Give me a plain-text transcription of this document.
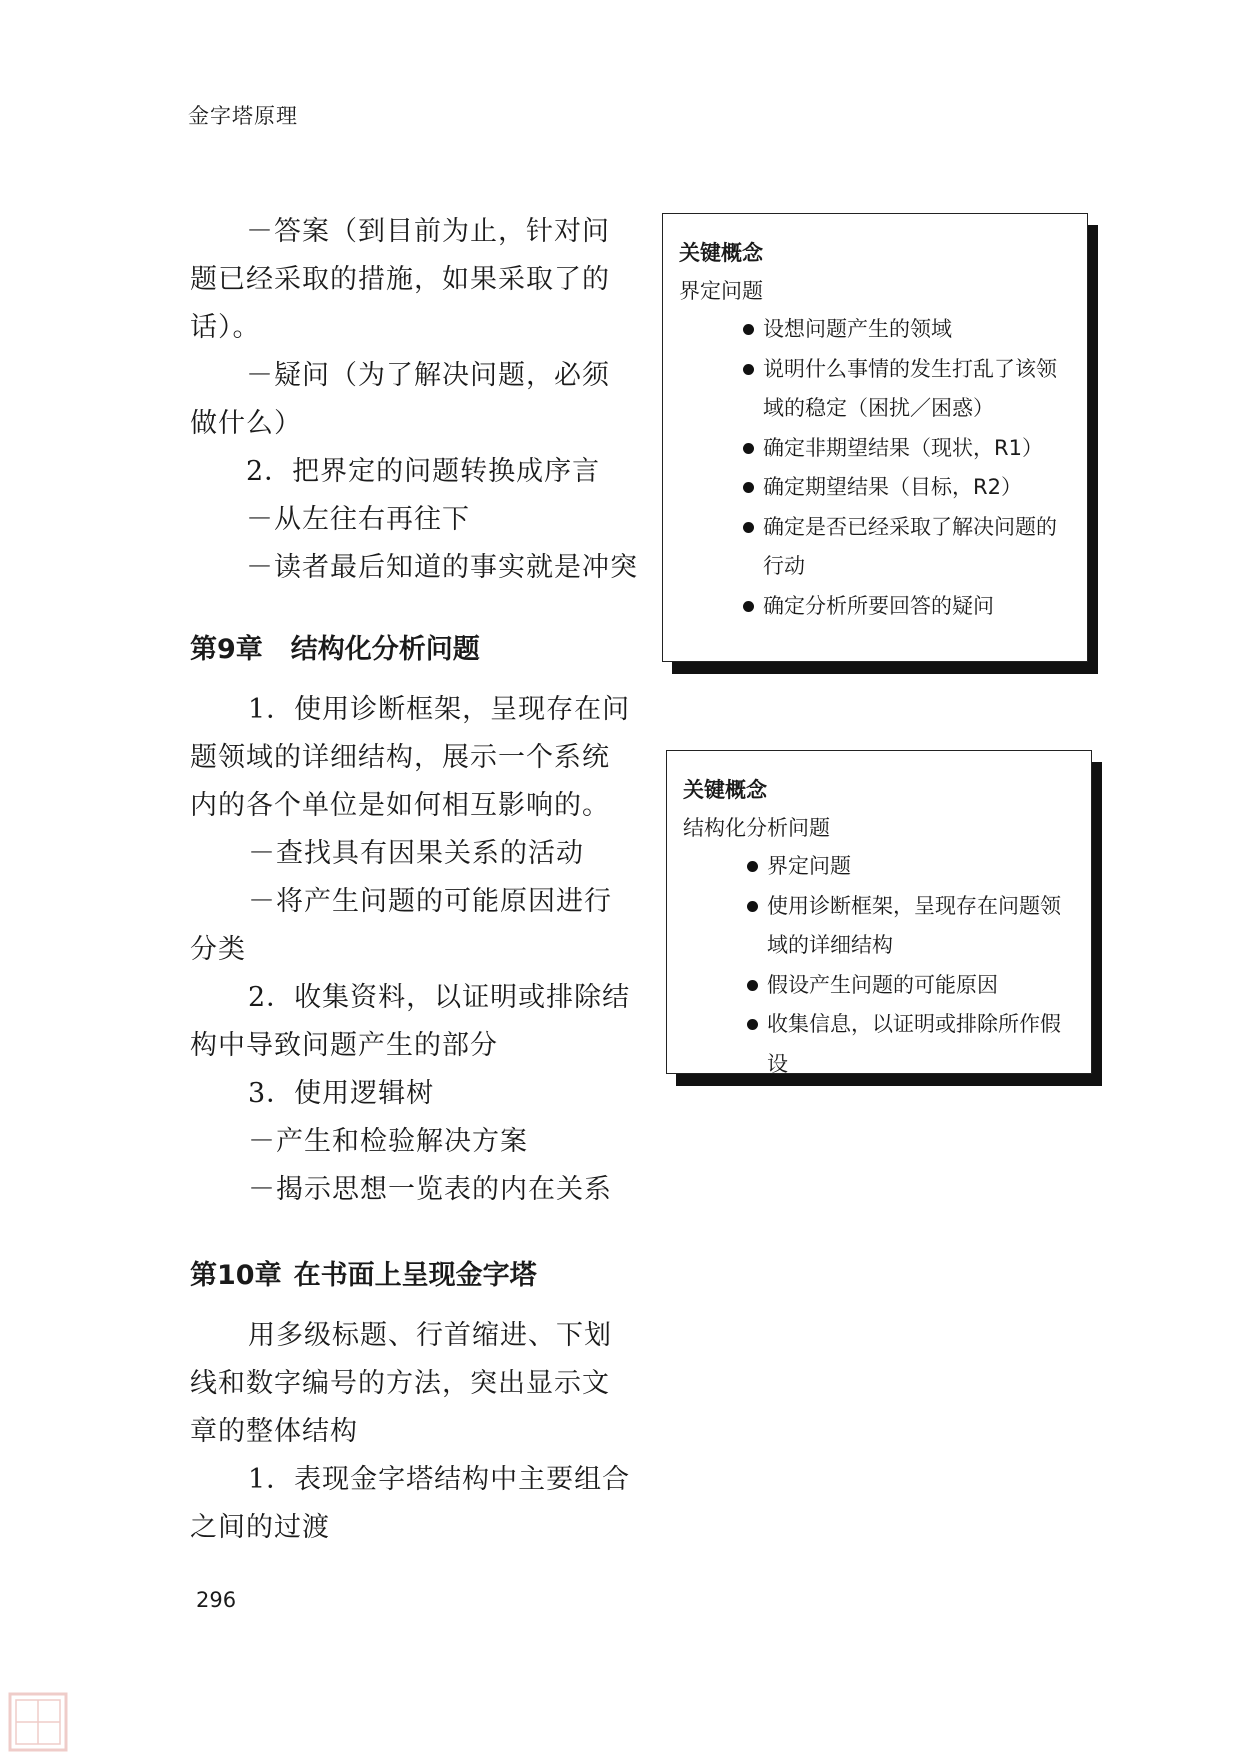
金字塔原理
－答案（到目前为止，针对问
题已经采取的措施，如果采取了的
话）。
－疑问（为了解决问题，必须
做什么）
2．把界定的问题转换成序言
－从左往右再往下
－读者最后知道的事实就是冲突
第9章 结构化分析问题
1．使用诊断框架，呈现存在问
题领域的详细结构，展示一个系统
内的各个单位是如何相互影响的。
－查找具有因果关系的活动
－将产生问题的可能原因进行
分类
2．收集资料，以证明或排除结
构中导致问题产生的部分
3．使用逻辑树
－产生和检验解决方案
－揭示思想一览表的内在关系
第10章 在书面上呈现金字塔
用多级标题、行首缩进、下划
线和数字编号的方法，突出显示文
章的整体结构
1．表现金字塔结构中主要组合
之间的过渡
关键概念
界定问题
设想问题产生的领域
说明什么事情的发生打乱了该领域的稳定（困扰／困惑）
确定非期望结果（现状，R1）
确定期望结果（目标，R2）
确定是否已经采取了解决问题的行动
确定分析所要回答的疑问
关键概念
结构化分析问题
界定问题
使用诊断框架，呈现存在问题领域的详细结构
假设产生问题的可能原因
收集信息，以证明或排除所作假设
296
